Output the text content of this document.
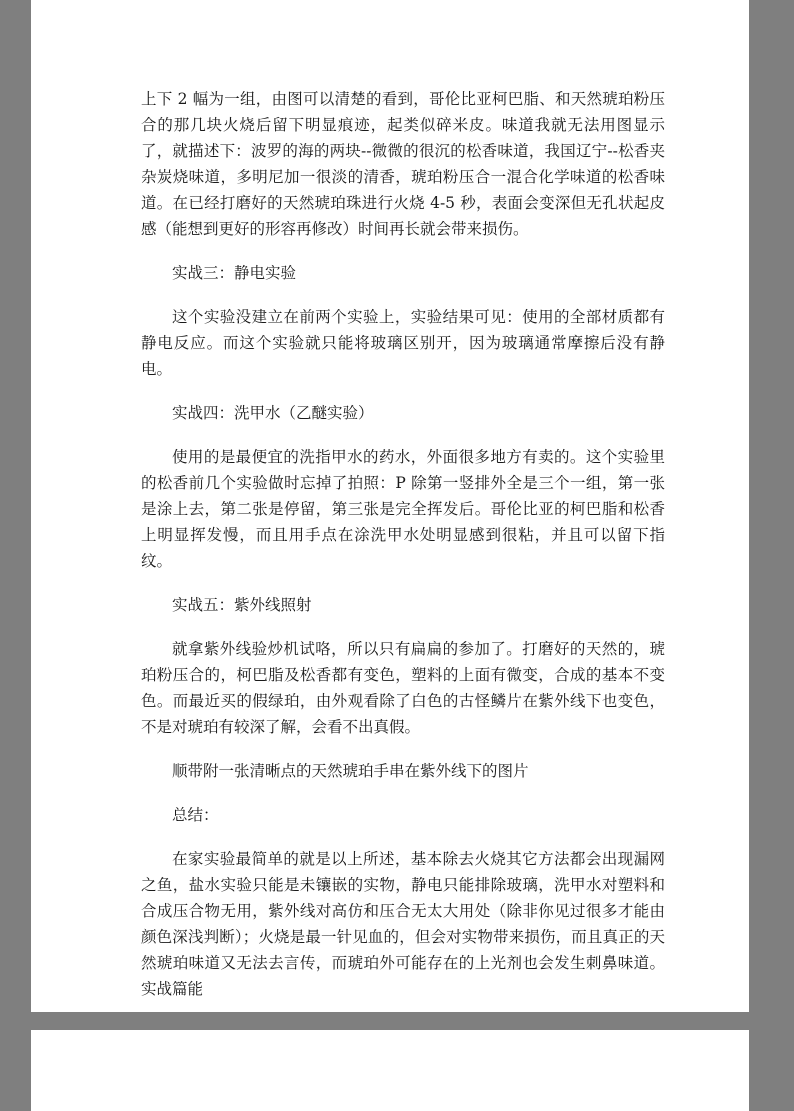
上下 2 幅为一组，由图可以清楚的看到，哥伦比亚柯巴脂、和天然琥珀粉压合的那几块火烧后留下明显痕迹，起类似碎米皮。味道我就无法用图显示了，就描述下：波罗的海的两块--微微的很沉的松香味道，我国辽宁--松香夹杂炭烧味道，多明尼加一很淡的清香，琥珀粉压合一混合化学味道的松香味道。在已经打磨好的天然琥珀珠进行火烧 4-5 秒，表面会变深但无孔状起皮感（能想到更好的形容再修改）时间再长就会带来损伤。

实战三：静电实验

这个实验没建立在前两个实验上，实验结果可见：使用的全部材质都有静电反应。而这个实验就只能将玻璃区别开，因为玻璃通常摩擦后没有静电。

实战四：洗甲水（乙醚实验）

使用的是最便宜的洗指甲水的药水，外面很多地方有卖的。这个实验里的松香前几个实验做时忘掉了拍照：P 除第一竖排外全是三个一组，第一张是涂上去，第二张是停留，第三张是完全挥发后。哥伦比亚的柯巴脂和松香上明显挥发慢，而且用手点在涂洗甲水处明显感到很粘，并且可以留下指纹。

实战五：紫外线照射

就拿紫外线验炒机试咯，所以只有扁扁的参加了。打磨好的天然的，琥珀粉压合的，柯巴脂及松香都有变色，塑料的上面有微变，合成的基本不变色。而最近买的假绿珀，由外观看除了白色的古怪鳞片在紫外线下也变色，不是对琥珀有较深了解，会看不出真假。

顺带附一张清晰点的天然琥珀手串在紫外线下的图片

总结：

在家实验最简单的就是以上所述，基本除去火烧其它方法都会出现漏网之鱼，盐水实验只能是未镶嵌的实物，静电只能排除玻璃，洗甲水对塑料和合成压合物无用，紫外线对高仿和压合无太大用处（除非你见过很多才能由颜色深浅判断）；火烧是最一针见血的，但会对实物带来损伤，而且真正的天然琥珀味道又无法去言传，而琥珀外可能存在的上光剂也会发生刺鼻味道。实战篇能
